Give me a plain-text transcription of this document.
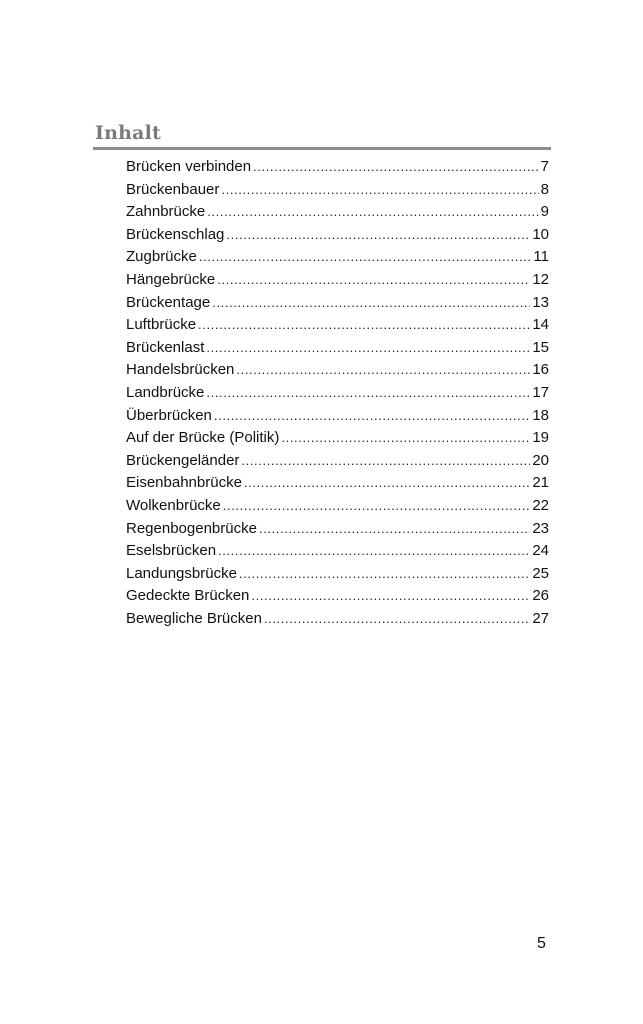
Inhalt
Brücken verbinden .....	7
Brückenbauer .....	8
Zahnbrücke .....	9
Brückenschlag .....	10
Zugbrücke .....	11
Hängebrücke .....	12
Brückentage .....	13
Luftbrücke .....	14
Brückenlast .....	15
Handelsbrücken .....	16
Landbrücke .....	17
Überbrücken .....	18
Auf der Brücke (Politik) .....	19
Brückengeländer .....	20
Eisenbahnbrücke .....	21
Wolkenbrücke .....	22
Regenbogenbrücke .....	23
Eselsbrücken .....	24
Landungsbrücke .....	25
Gedeckte Brücken .....	26
Bewegliche Brücken .....	27
5
